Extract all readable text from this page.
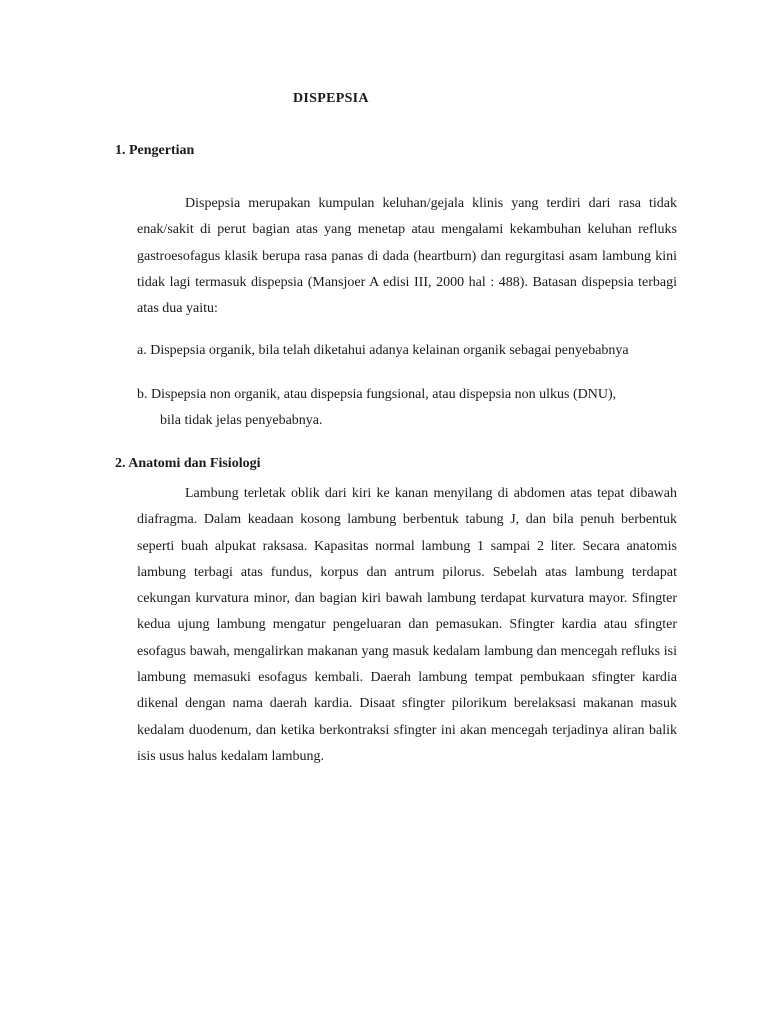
DISPEPSIA
1. Pengertian

Dispepsia merupakan kumpulan keluhan/gejala klinis yang terdiri dari rasa tidak enak/sakit di perut bagian atas yang menetap atau mengalami kekambuhan keluhan refluks gastroesofagus klasik berupa rasa panas di dada (heartburn) dan regurgitasi asam lambung kini tidak lagi termasuk dispepsia (Mansjoer A edisi III, 2000 hal : 488). Batasan dispepsia terbagi atas dua yaitu:

a. Dispepsia organik, bila telah diketahui adanya kelainan organik sebagai penyebabnya

b. Dispepsia non organik, atau dispepsia fungsional, atau dispepsia non ulkus (DNU),
bila tidak jelas penyebabnya.

2. Anatomi dan Fisiologi

Lambung terletak oblik dari kiri ke kanan menyilang di abdomen atas tepat dibawah diafragma. Dalam keadaan kosong lambung berbentuk tabung J, dan bila penuh berbentuk seperti buah alpukat raksasa. Kapasitas normal lambung 1 sampai 2 liter. Secara anatomis lambung terbagi atas fundus, korpus dan antrum pilorus. Sebelah atas lambung terdapat cekungan kurvatura minor, dan bagian kiri bawah lambung terdapat kurvatura mayor. Sfingter kedua ujung lambung mengatur pengeluaran dan pemasukan. Sfingter kardia atau sfingter esofagus bawah, mengalirkan makanan yang masuk kedalam lambung dan mencegah refluks isi lambung memasuki esofagus kembali. Daerah lambung tempat pembukaan sfingter kardia dikenal dengan nama daerah kardia. Disaat sfingter pilorikum berelaksasi makanan masuk kedalam duodenum, dan ketika berkontraksi sfingter ini akan mencegah terjadinya aliran balik isis usus halus kedalam lambung.
